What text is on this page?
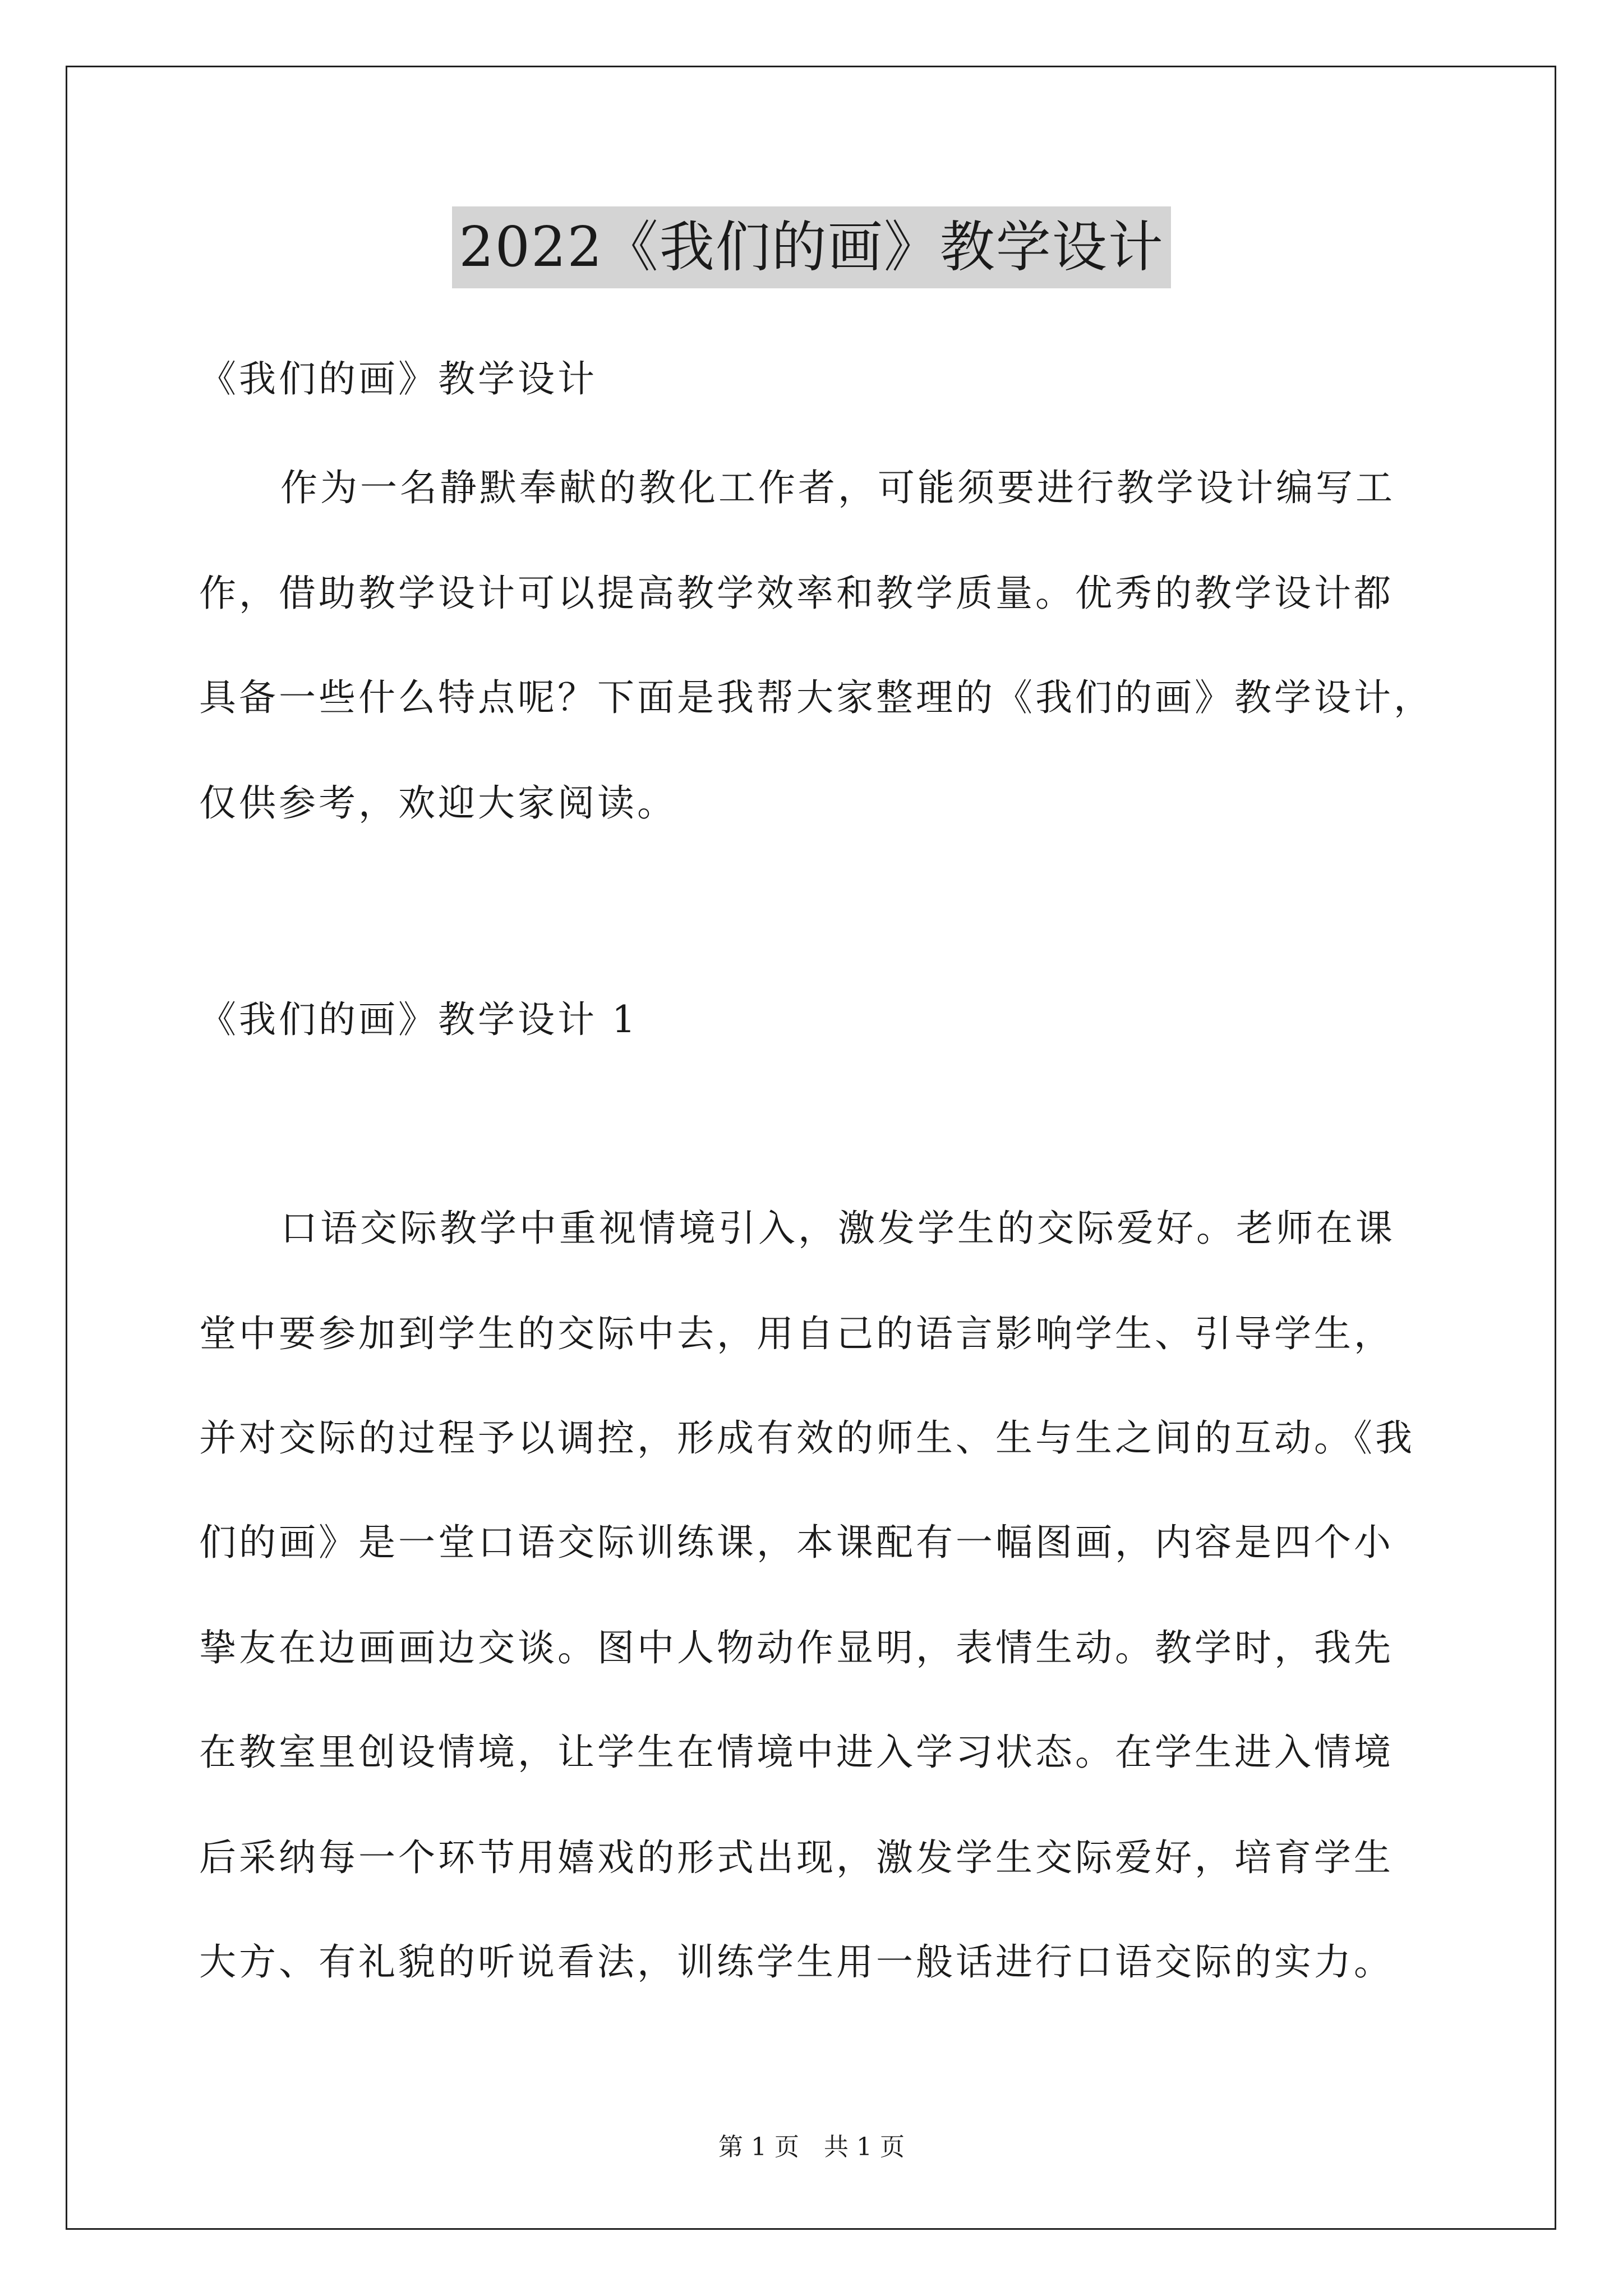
2022《我们的画》教学设计
《我们的画》教学设计
作为一名静默奉献的教化工作者，可能须要进行教学设计编写工
作，借助教学设计可以提高教学效率和教学质量。优秀的教学设计都
具备一些什么特点呢？下面是我帮大家整理的《我们的画》教学设计，
仅供参考，欢迎大家阅读。
《我们的画》教学设计 1
口语交际教学中重视情境引入，激发学生的交际爱好。老师在课
堂中要参加到学生的交际中去，用自己的语言影响学生、引导学生，
并对交际的过程予以调控，形成有效的师生、生与生之间的互动。《我
们的画》是一堂口语交际训练课，本课配有一幅图画，内容是四个小
挚友在边画画边交谈。图中人物动作显明，表情生动。教学时，我先
在教室里创设情境，让学生在情境中进入学习状态。在学生进入情境
后采纳每一个环节用嬉戏的形式出现，激发学生交际爱好，培育学生
大方、有礼貌的听说看法，训练学生用一般话进行口语交际的实力。
第 1 页　共 1 页
